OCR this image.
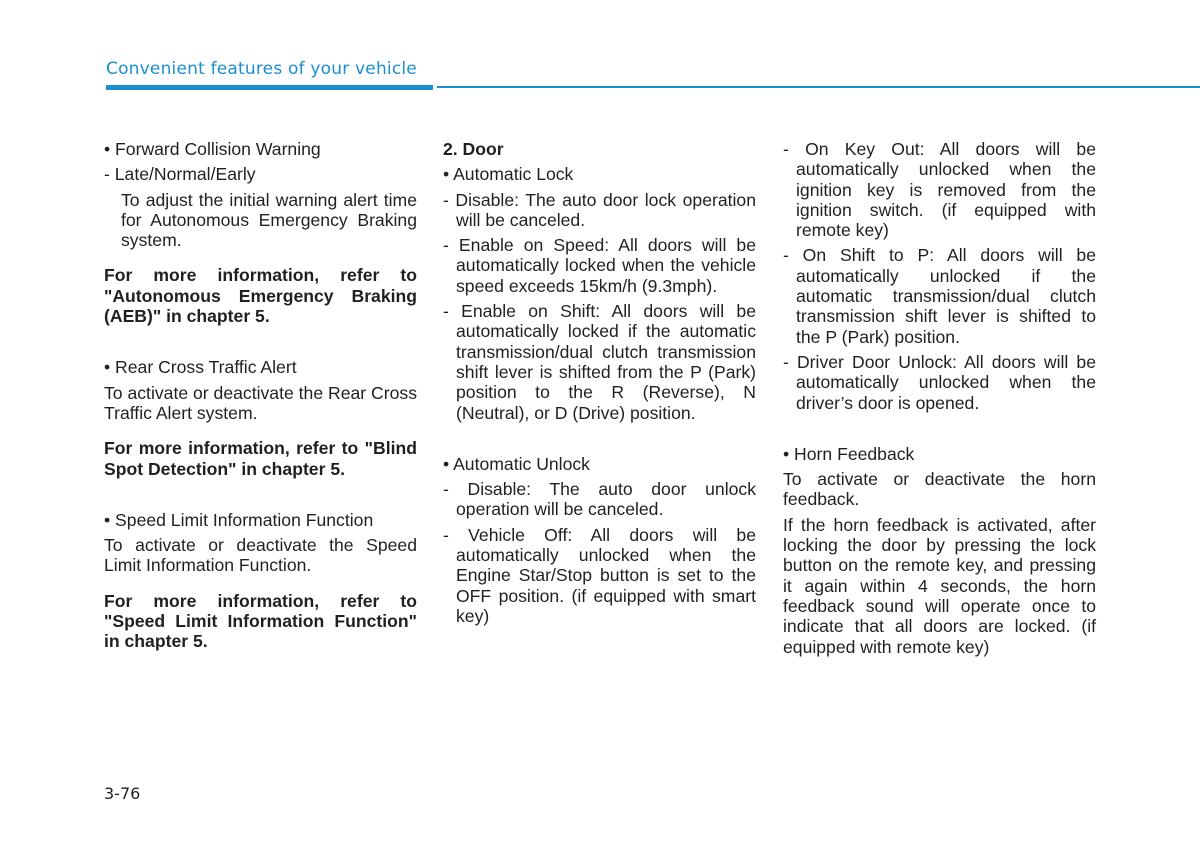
Convenient features of your vehicle

• Forward Collision Warning

- Late/Normal/Early

To adjust the initial warning alert time for Autonomous Emergency Braking system.

For more information, refer to "Autonomous Emergency Braking (AEB)" in chapter 5.

• Rear Cross Traffic Alert

To activate or deactivate the Rear Cross Traffic Alert system.

For more information, refer to "Blind Spot Detection" in chapter 5.

• Speed Limit Information Function

To activate or deactivate the Speed Limit Information Function.

For more information, refer to "Speed Limit Information Function" in chapter 5.

2. Door

• Automatic Lock

- Disable: The auto door lock operation will be canceled.

- Enable on Speed: All doors will be automatically locked when the vehicle speed exceeds 15km/h (9.3mph).

- Enable on Shift: All doors will be automatically locked if the automatic transmission/dual clutch transmission shift lever is shifted from the P (Park) position to the R (Reverse), N (Neutral), or D (Drive) position.

• Automatic Unlock

- Disable: The auto door unlock operation will be canceled.

- Vehicle Off: All doors will be automatically unlocked when the Engine Star/Stop button is set to the OFF position. (if equipped with smart key)

- On Key Out: All doors will be automatically unlocked when the ignition key is removed from the ignition switch. (if equipped with remote key)

- On Shift to P: All doors will be automatically unlocked if the automatic transmission/dual clutch transmission shift lever is shifted to the P (Park) position.

- Driver Door Unlock: All doors will be automatically unlocked when the driver’s door is opened.

• Horn Feedback

To activate or deactivate the horn feedback.

If the horn feedback is activated, after locking the door by pressing the lock button on the remote key, and pressing it again within 4 seconds, the horn feedback sound will operate once to indicate that all doors are locked. (if equipped with remote key)

3-76
